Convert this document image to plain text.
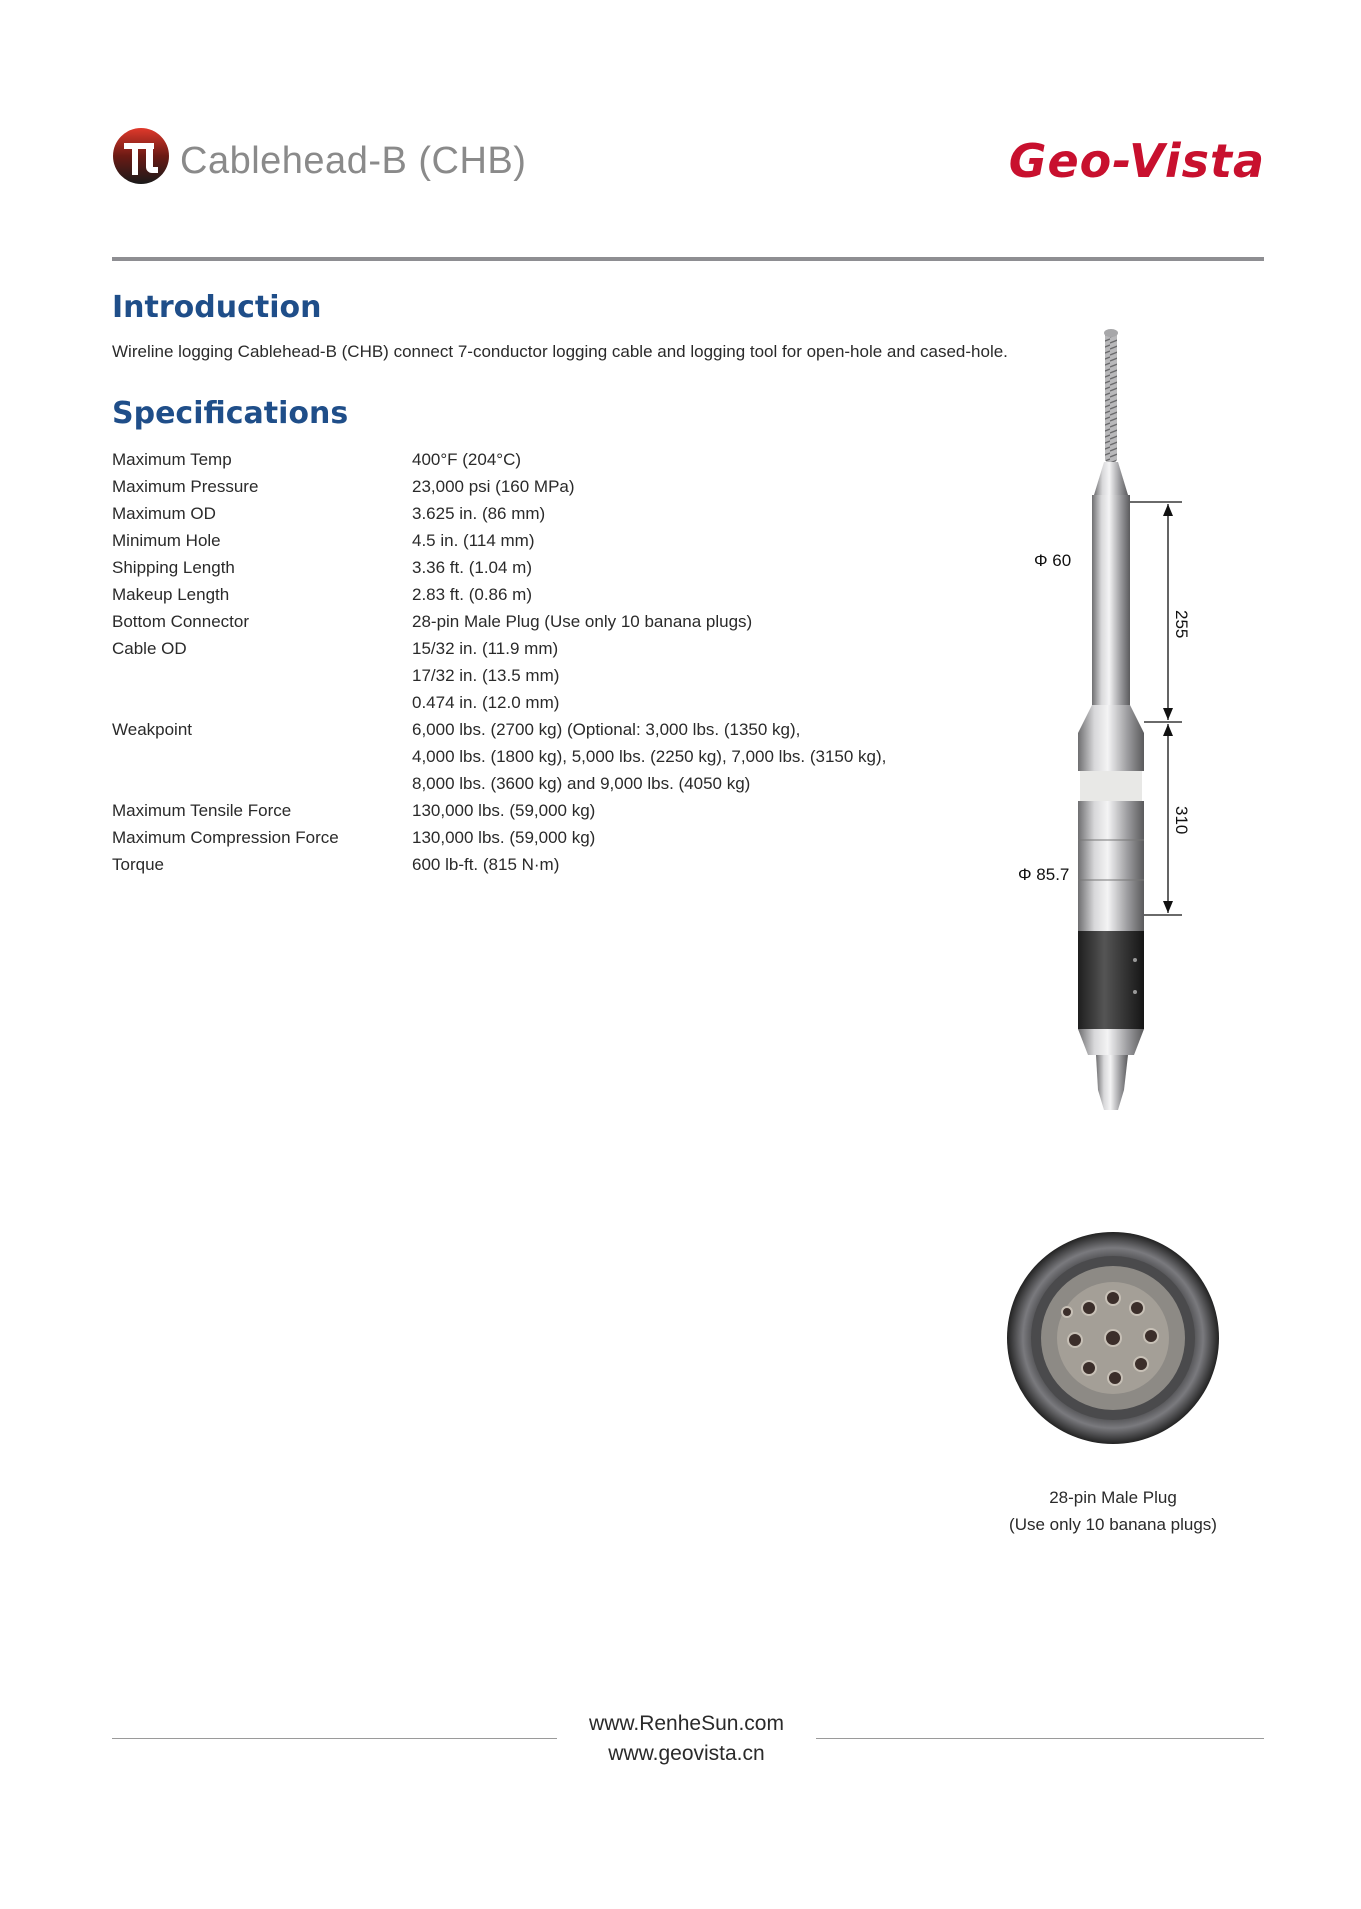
Cablehead-B (CHB)	Geo-Vista
Introduction
Wireline logging Cablehead-B (CHB) connect 7-conductor logging cable and logging tool for open-hole and cased-hole.
Specifications
Maximum Temp	400°F (204°C)
Maximum Pressure	23,000 psi (160 MPa)
Maximum OD	3.625 in. (86 mm)
Minimum Hole	4.5 in. (114 mm)
Shipping Length	3.36 ft. (1.04 m)
Makeup Length	2.83 ft. (0.86 m)
Bottom Connector	28-pin Male Plug (Use only 10 banana plugs)
Cable OD	15/32 in. (11.9 mm)
17/32 in. (13.5 mm)
0.474 in. (12.0 mm)
Weakpoint	6,000 lbs. (2700 kg) (Optional: 3,000 lbs. (1350 kg),
4,000 lbs. (1800 kg), 5,000 lbs. (2250 kg), 7,000 lbs. (3150 kg),
8,000 lbs. (3600 kg) and 9,000 lbs. (4050 kg)
Maximum Tensile Force	130,000 lbs. (59,000 kg)
Maximum Compression Force	130,000 lbs. (59,000 kg)
Torque	600 lb-ft. (815 N·m)
Φ 60
Φ 85.7
255
310
28-pin Male Plug
(Use only 10 banana plugs)
www.RenheSun.com
www.geovista.cn
